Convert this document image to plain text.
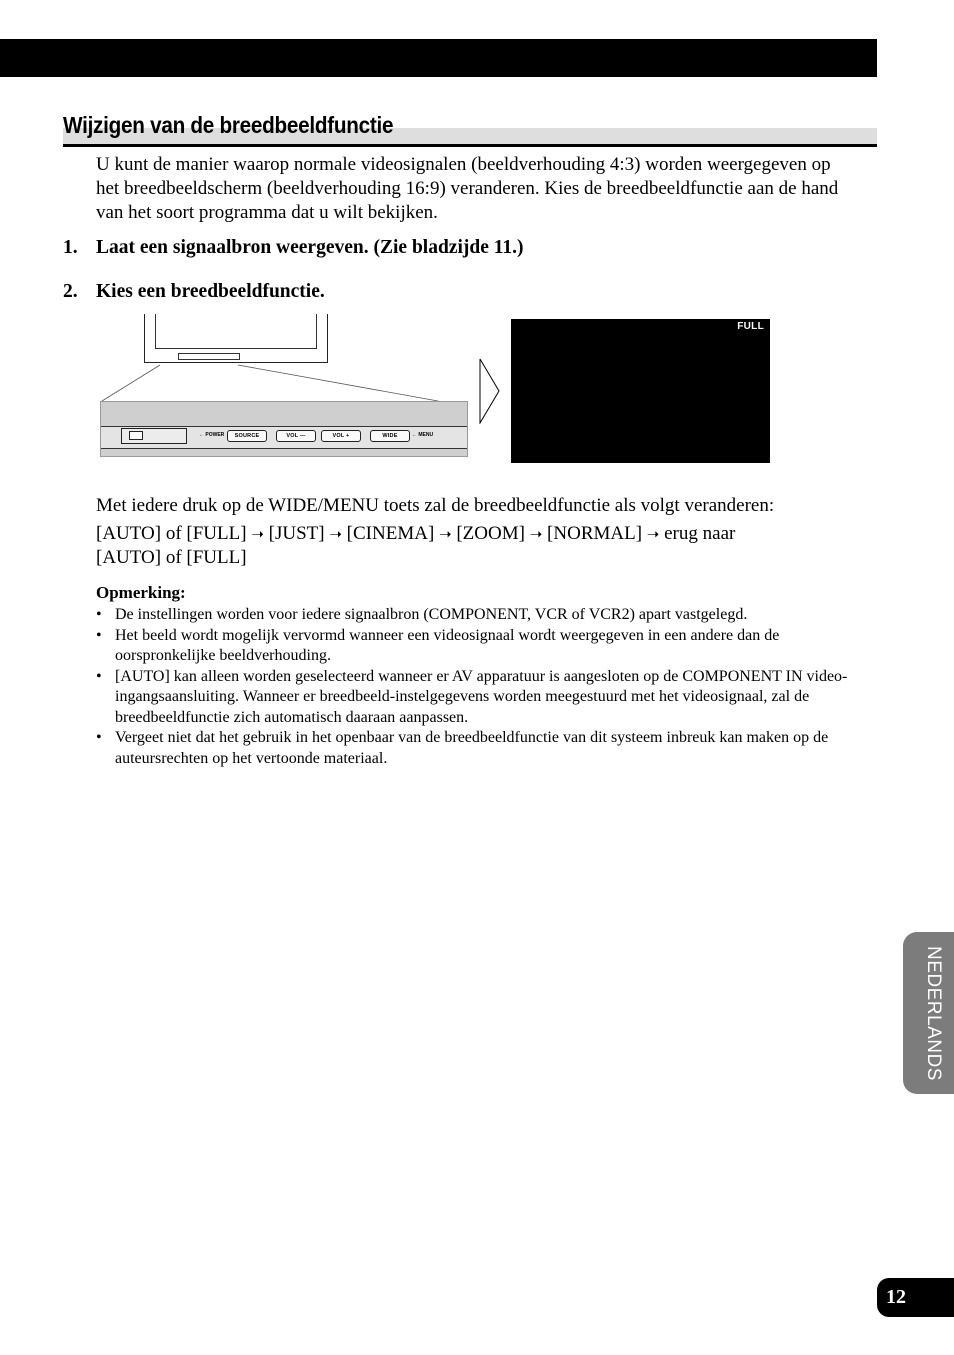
Wijzigen van de breedbeeldfunctie

U kunt de manier waarop normale videosignalen (beeldverhouding 4:3) worden weergegeven op het breedbeeldscherm (beeldverhouding 16:9) veranderen. Kies de breedbeeldfunctie aan de hand van het soort programma dat u wilt bekijken.

1. Laat een signaalbron weergeven. (Zie bladzijde 11.)

2. Kies een breedbeeldfunctie.

← POWER	SOURCE	VOL —	VOL +	WIDE	← MENU
FULL

Met iedere druk op de WIDE/MENU toets zal de breedbeeldfunctie als volgt veranderen:

[AUTO] of [FULL] ➝ [JUST] ➝ [CINEMA] ➝ [ZOOM] ➝ [NORMAL] ➝ erug naar
[AUTO] of [FULL]

Opmerking:

• De instellingen worden voor iedere signaalbron (COMPONENT, VCR of VCR2) apart vastgelegd.
• Het beeld wordt mogelijk vervormd wanneer een videosignaal wordt weergegeven in een andere dan de oorspronkelijke beeldverhouding.
• [AUTO] kan alleen worden geselecteerd wanneer er AV apparatuur is aangesloten op de COMPONENT IN video-ingangsaansluiting. Wanneer er breedbeeld-instelgegevens worden meegestuurd met het videosignaal, zal de breedbeeldfunctie zich automatisch daaraan aanpassen.
• Vergeet niet dat het gebruik in het openbaar van de breedbeeldfunctie van dit systeem inbreuk kan maken op de auteursrechten op het vertoonde materiaal.
NEDERLANDS
12
